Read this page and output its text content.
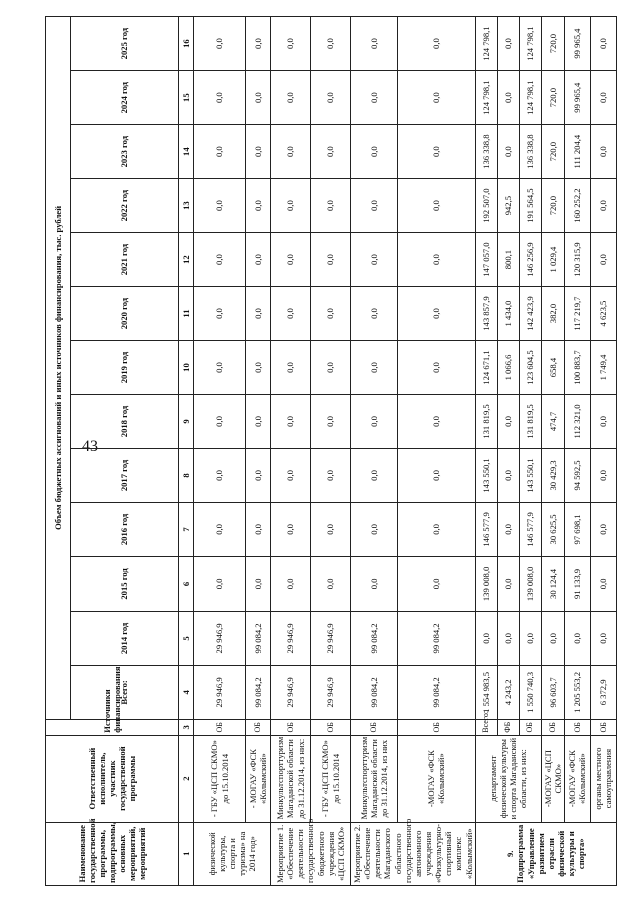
43
Наименование государственной программы, подпрограммы, основных мероприятий, мероприятий	Ответственный исполнитель, участник государственной программы	Источники финансирования	Объем бюджетных ассигнований и иных источников финансирования, тыс. рублей												
			Всего:	2014 год	2015 год	2016 год	2017 год	2018 год	2019 год	2020 год	2021 год	2022 год	2023 год	2024 год	2025 год
1	2	3	4	5	6	7	8	9	10	11	12	13	14	15	16
физической культуры, спорта и туризма» на 2014 год»	- ГБУ «ЦСП СКМО» до 15.10.2014	ОБ	29 946,9	29 946,9	0,0	0,0	0,0	0,0	0,0	0,0	0,0	0,0	0,0	0,0	0,0
	- МОГАУ «ФСК «Колымский»	ОБ	99 084,2	99 084,2	0,0	0,0	0,0	0,0	0,0	0,0	0,0	0,0	0,0	0,0	0,0
Мероприятие 1. «Обеспечение деятельности государственного бюджетного учреждения «ЦСП СКМО»	Минкультспорттуризм Магаданской области до 31.12.2014, из них:	ОБ	29 946,9	29 946,9	0,0	0,0	0,0	0,0	0,0	0,0	0,0	0,0	0,0	0,0	0,0
	- ГБУ «ЦСП СКМО» до 15.10.2014	ОБ	29 946,9	29 946,9	0,0	0,0	0,0	0,0	0,0	0,0	0,0	0,0	0,0	0,0	0,0
Мероприятие 2. «Обеспечение деятельности Магаданского областного государственного автономного учреждения «Физкультурно-спортивный комплекс «Колымский»	Минкультспорттуризм Магаданской области до 31.12.2014, из них	ОБ	99 084,2	99 084,2	0,0	0,0	0,0	0,0	0,0	0,0	0,0	0,0	0,0	0,0	0,0
	-МОГАУ «ФСК «Колымский»	ОБ	99 084,2	99 084,2	0,0	0,0	0,0	0,0	0,0	0,0	0,0	0,0	0,0	0,0	0,0
9. Подпрограмма «Управление развитием отрасли физической культуры и спорта»	департамент физической культуры и спорта Магаданской области, из них:	Всего:	1 554 983,5	0,0	139 008,0	146 577,9	143 550,1	131 819,5	124 671,1	143 857,9	147 057,0	192 507,0	136 338,8	124 798,1	124 798,1
		ФБ	4 243,2	0,0	0,0	0,0	0,0	0,0	1 066,6	1 434,0	800,1	942,5	0,0	0,0	0,0
		ОБ	1 550 740,3	0,0	139 008,0	146 577,9	143 550,1	131 819,5	123 604,5	142 423,9	146 256,9	191 564,5	136 338,8	124 798,1	124 798,1
	-МОГАУ «ЦСП СКМО»	ОБ	96 603,7	0,0	30 124,4	30 625,5	30 429,3	474,7	658,4	382,0	1 029,4	720,0	720,0	720,0	720,0
	-МОГАУ «ФСК «Колымский»	ОБ	1 205 553,2	0,0	91 133,9	97 698,1	94 592,5	112 321,0	100 883,7	117 219,7	120 315,9	160 252,2	111 204,4	99 965,4	99 965,4
	органы местного самоуправления	ОБ	6 372,9	0,0	0,0	0,0	0,0	0,0	1 749,4	4 623,5	0,0	0,0	0,0	0,0	0,0
